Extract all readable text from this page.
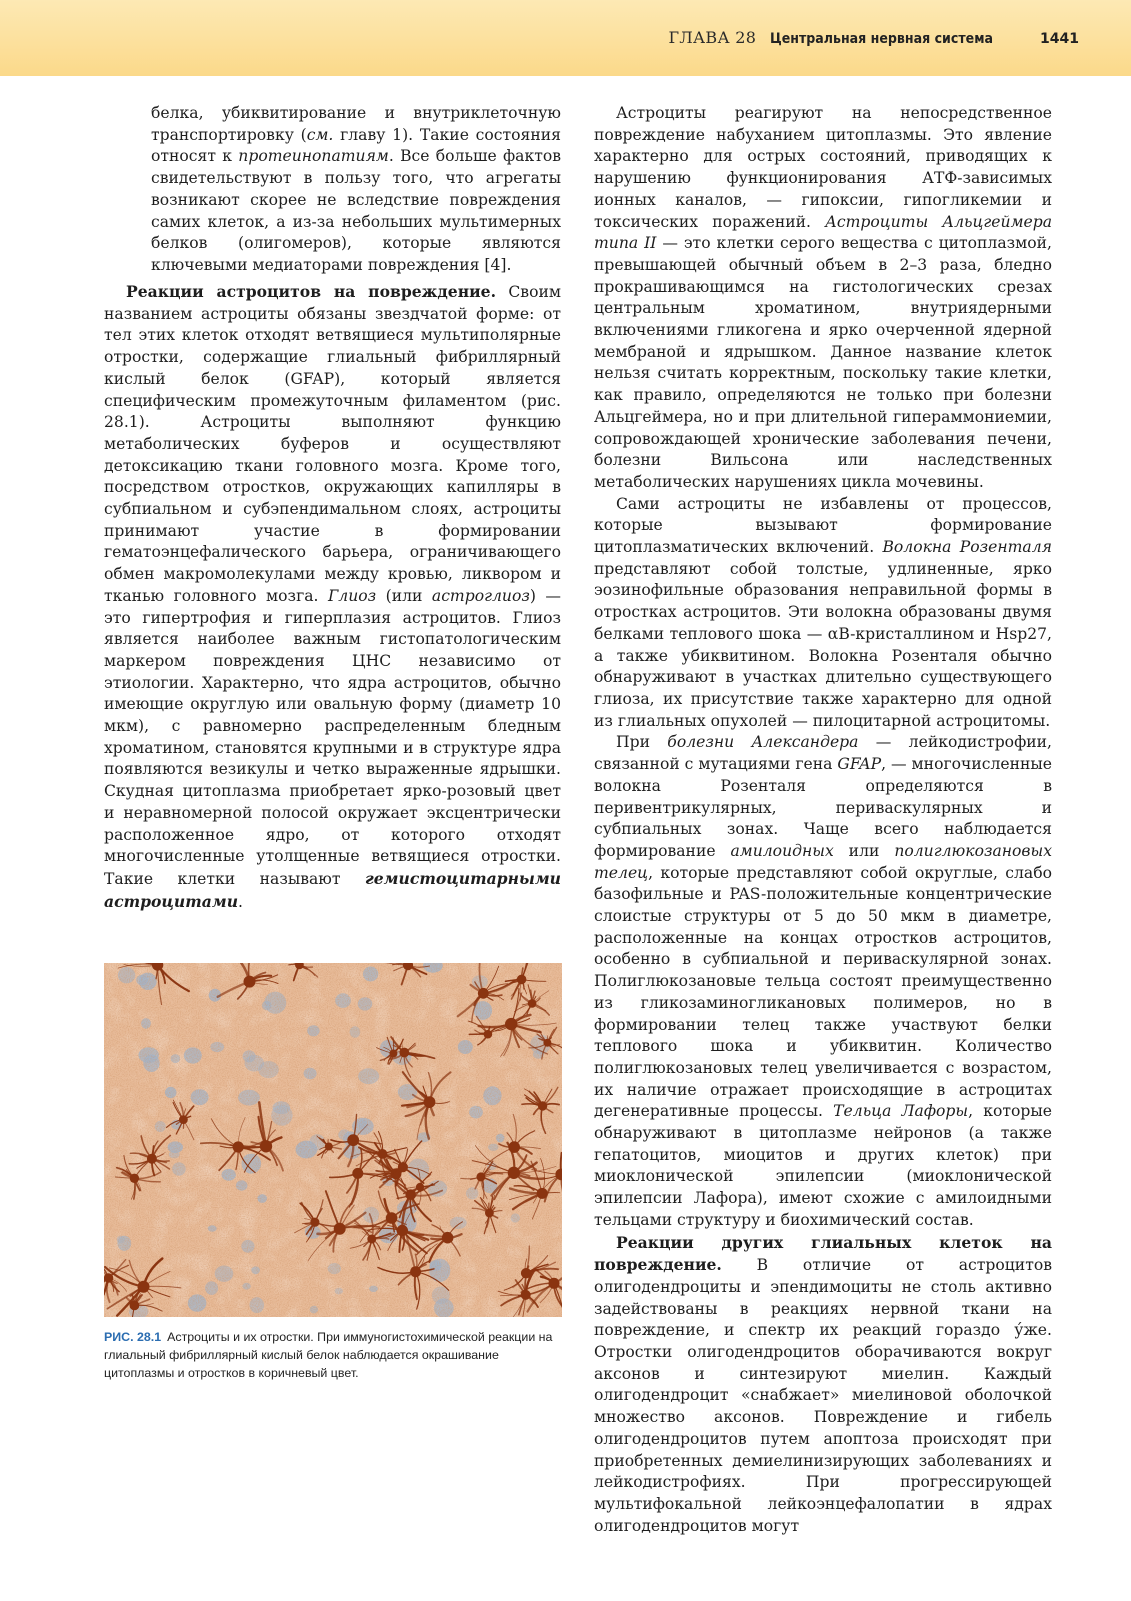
ГЛАВА 28 Центральная нервная система	1441

белка, убиквитирование и внутриклеточную транспортировку (см. главу 1). Такие состояния относят к протеинопатиям. Все больше фактов свидетельствуют в пользу того, что агрегаты возникают скорее не вследствие повреждения самих клеток, а из-за небольших мультимерных белков (олигомеров), которые являются ключевыми медиаторами повреждения [4].

Реакции астроцитов на повреждение. Своим названием астроциты обязаны звездчатой форме: от тел этих клеток отходят ветвящиеся мультиполярные отростки, содержащие глиальный фибриллярный кислый белок (GFAP), который является специфическим промежуточным филаментом (рис. 28.1). Астроциты выполняют функцию метаболических буферов и осуществляют детоксикацию ткани головного мозга. Кроме того, посредством отростков, окружающих капилляры в субпиальном и субэпендимальном слоях, астроциты принимают участие в формировании гематоэнцефалического барьера, ограничивающего обмен макромолекулами между кровью, ликвором и тканью головного мозга. Глиоз (или астроглиоз) — это гипертрофия и гиперплазия астроцитов. Глиоз является наиболее важным гистопатологическим маркером повреждения ЦНС независимо от этиологии. Характерно, что ядра астроцитов, обычно имеющие округлую или овальную форму (диаметр 10 мкм), с равномерно распределенным бледным хроматином, становятся крупными и в структуре ядра появляются везикулы и четко выраженные ядрышки. Скудная цитоплазма приобретает ярко-розовый цвет и неравномерной полосой окружает эксцентрически расположенное ядро, от которого отходят многочисленные утолщенные ветвящиеся отростки. Такие клетки называют гемистоцитарными астроцитами.

РИС. 28.1 Астроциты и их отростки. При иммуногистохимической реакции на глиальный фибриллярный кислый белок наблюдается окрашивание цитоплазмы и отростков в коричневый цвет.

Астроциты реагируют на непосредственное повреждение набуханием цитоплазмы. Это явление характерно для острых состояний, приводящих к нарушению функционирования АТФ-зависимых ионных каналов, — гипоксии, гипогликемии и токсических поражений. Астроциты Альцгеймера типа II — это клетки серого вещества с цитоплазмой, превышающей обычный объем в 2–3 раза, бледно прокрашивающимся на гистологических срезах центральным хроматином, внутриядерными включениями гликогена и ярко очерченной ядерной мембраной и ядрышком. Данное название клеток нельзя считать корректным, поскольку такие клетки, как правило, определяются не только при болезни Альцгеймера, но и при длительной гипераммониемии, сопровождающей хронические заболевания печени, болезни Вильсона или наследственных метаболических нарушениях цикла мочевины.

Сами астроциты не избавлены от процессов, которые вызывают формирование цитоплазматических включений. Волокна Розенталя представляют собой толстые, удлиненные, ярко эозинофильные образования неправильной формы в отростках астроцитов. Эти волокна образованы двумя белками теплового шока — αB-кристаллином и Hsp27, а также убиквитином. Волокна Розенталя обычно обнаруживают в участках длительно существующего глиоза, их присутствие также характерно для одной из глиальных опухолей — пилоцитарной астроцитомы.

При болезни Александера — лейкодистрофии, связанной с мутациями гена GFAP, — многочисленные волокна Розенталя определяются в перивентрикулярных, периваскулярных и субпиальных зонах. Чаще всего наблюдается формирование амилоидных или полиглюкозановых телец, которые представляют собой округлые, слабо базофильные и PAS-положительные концентрические слоистые структуры от 5 до 50 мкм в диаметре, расположенные на концах отростков астроцитов, особенно в субпиальной и периваскулярной зонах. Полиглюкозановые тельца состоят преимущественно из гликозаминогликановых полимеров, но в формировании телец также участвуют белки теплового шока и убиквитин. Количество полиглюкозановых телец увеличивается с возрастом, их наличие отражает происходящие в астроцитах дегенеративные процессы. Тельца Лафоры, которые обнаруживают в цитоплазме нейронов (а также гепатоцитов, миоцитов и других клеток) при миоклонической эпилепсии (миоклонической эпилепсии Лафора), имеют схожие с амилоидными тельцами структуру и биохимический состав.

Реакции других глиальных клеток на повреждение. В отличие от астроцитов олигодендроциты и эпендимоциты не столь активно задействованы в реакциях нервной ткани на повреждение, и спектр их реакций гораздо у́же. Отростки олигодендроцитов оборачиваются вокруг аксонов и синтезируют миелин. Каждый олигодендроцит «снабжает» миелиновой оболочкой множество аксонов. Повреждение и гибель олигодендроцитов путем апоптоза происходят при приобретенных демиелинизирующих заболеваниях и лейкодистрофиях. При прогрессирующей мультифокальной лейкоэнцефалопатии в ядрах олигодендроцитов могут
